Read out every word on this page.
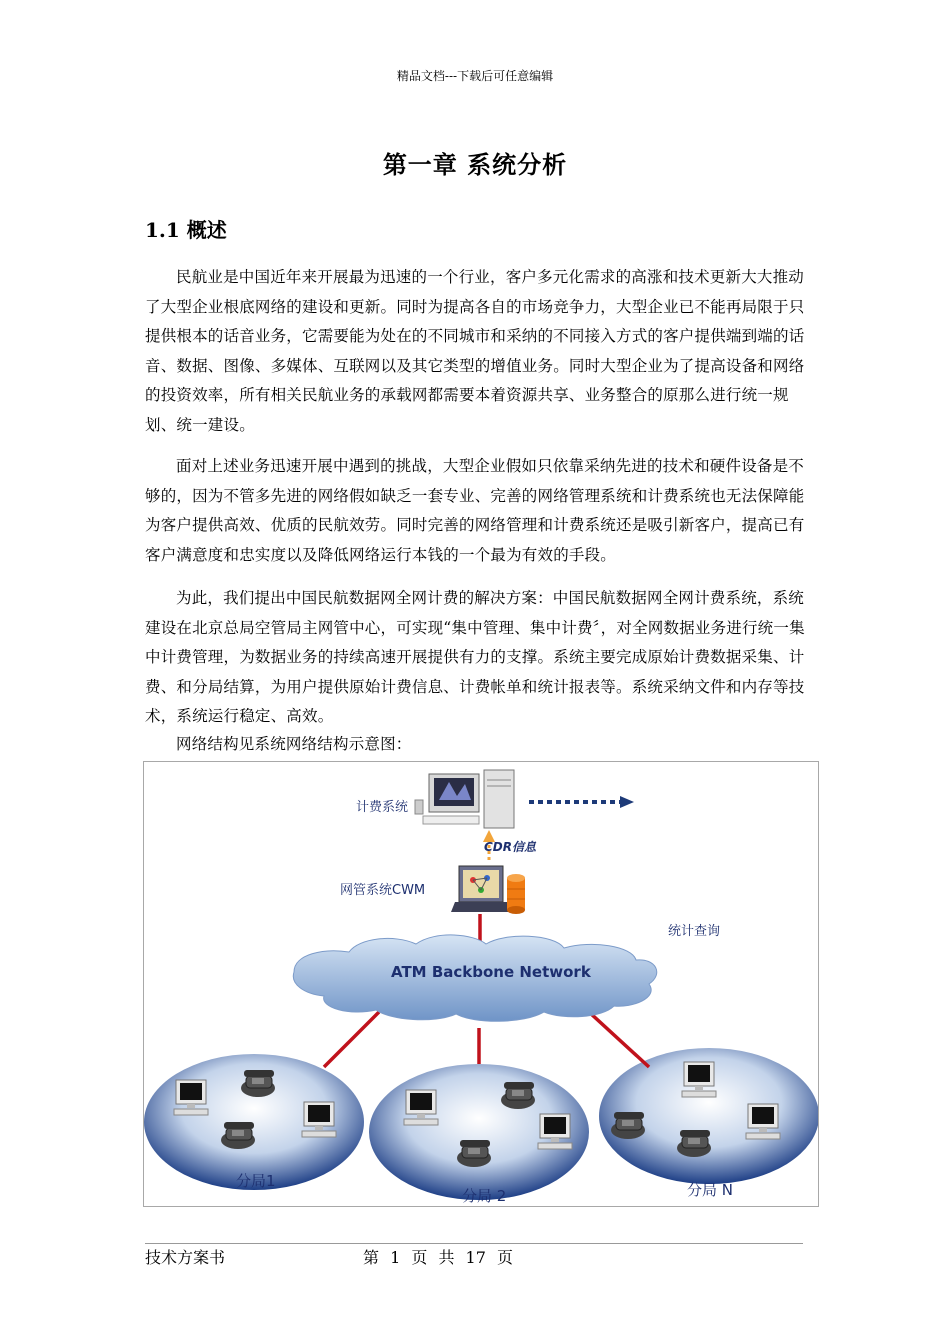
精品文档---下载后可任意编辑
第一章 系统分析
1.1 概述
民航业是中国近年来开展最为迅速的一个行业，客户多元化需求的高涨和技术更新大大推动了大型企业根底网络的建设和更新。同时为提高各自的市场竞争力，大型企业已不能再局限于只提供根本的话音业务，它需要能为处在的不同城市和采纳的不同接入方式的客户提供端到端的话音、数据、图像、多媒体、互联网以及其它类型的增值业务。同时大型企业为了提高设备和网络的投资效率，所有相关民航业务的承载网都需要本着资源共享、业务整合的原那么进行统一规划、统一建设。
面对上述业务迅速开展中遇到的挑战，大型企业假如只依靠采纳先进的技术和硬件设备是不够的，因为不管多先进的网络假如缺乏一套专业、完善的网络管理系统和计费系统也无法保障能为客户提供高效、优质的民航效劳。同时完善的网络管理和计费系统还是吸引新客户，提高已有客户满意度和忠实度以及降低网络运行本钱的一个最为有效的手段。
为此，我们提出中国民航数据网全网计费的解决方案：中国民航数据网全网计费系统，系统建设在北京总局空管局主网管中心，可实现“集中管理、集中计费〞，对全网数据业务进行统一集中计费管理，为数据业务的持续高速开展提供有力的支撑。系统主要完成原始计费数据采集、计费、和分局结算，为用户提供原始计费信息、计费帐单和统计报表等。系统采纳文件和内存等技术，系统运行稳定、高效。
网络结构见系统网络结构示意图：
计费系统
CDR信息
网管系统CWM
统计查询
ATM Backbone Network
分局1
分局 2	分局 N
技术方案书	第 1 页 共 17 页
